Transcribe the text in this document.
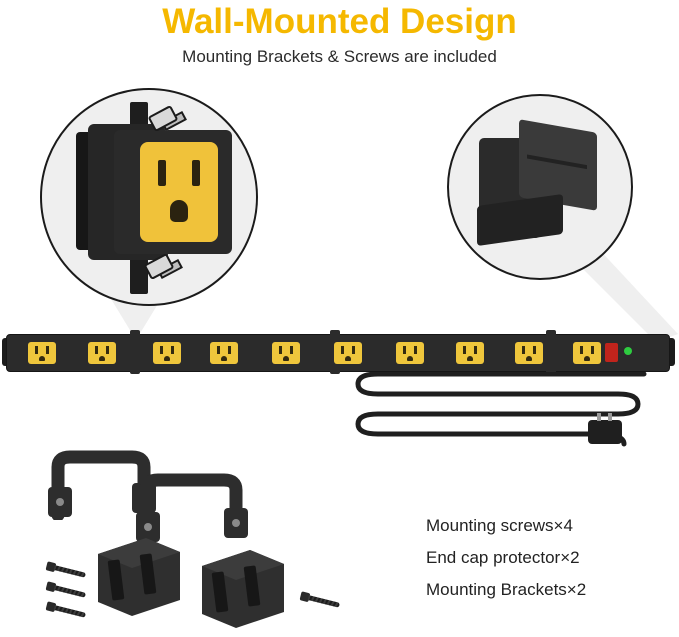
Wall-Mounted Design
Mounting Brackets & Screws are included
Mounting screws×4
End cap protector×2
Mounting Brackets×2
